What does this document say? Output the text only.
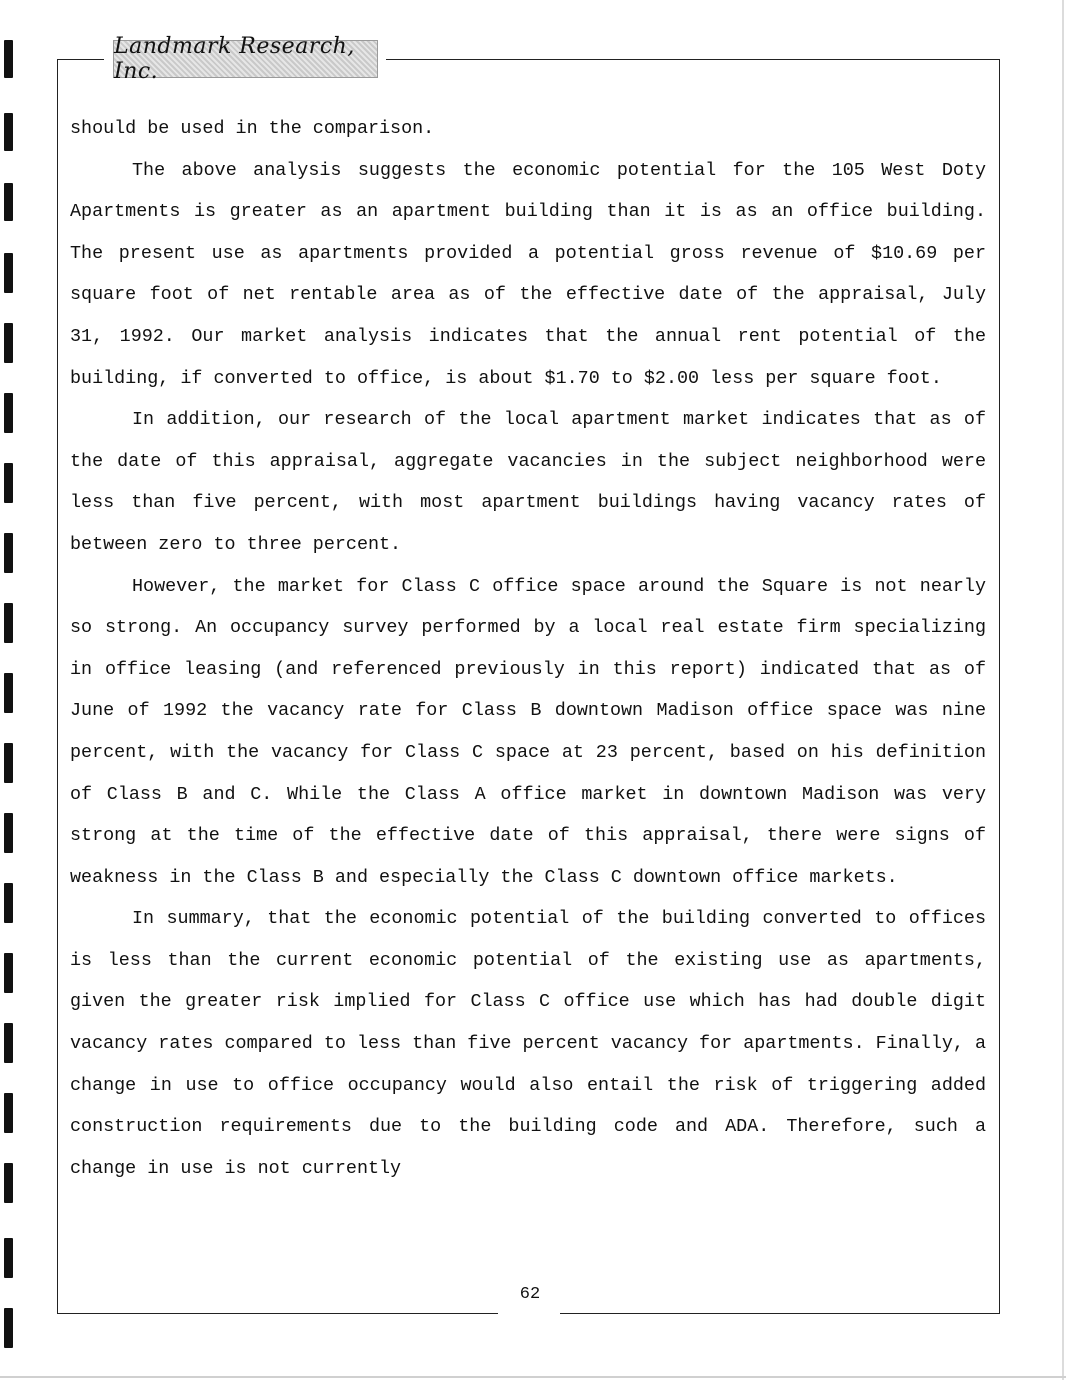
Landmark Research, Inc.

should be used in the comparison.

The above analysis suggests the economic potential for the 105 West Doty Apartments is greater as an apartment building than it is as an office building. The present use as apartments provided a potential gross revenue of $10.69 per square foot of net rentable area as of the effective date of the appraisal, July 31, 1992. Our market analysis indicates that the annual rent potential of the building, if converted to office, is about $1.70 to $2.00 less per square foot.

In addition, our research of the local apartment market indicates that as of the date of this appraisal, aggregate vacancies in the subject neighborhood were less than five percent, with most apartment buildings having vacancy rates of between zero to three percent.

However, the market for Class C office space around the Square is not nearly so strong. An occupancy survey performed by a local real estate firm specializing in office leasing (and referenced previously in this report) indicated that as of June of 1992 the vacancy rate for Class B downtown Madison office space was nine percent, with the vacancy for Class C space at 23 percent, based on his definition of Class B and C. While the Class A office market in downtown Madison was very strong at the time of the effective date of this appraisal, there were signs of weakness in the Class B and especially the Class C downtown office markets.

In summary, that the economic potential of the building converted to offices is less than the current economic potential of the existing use as apartments, given the greater risk implied for Class C office use which has had double digit vacancy rates compared to less than five percent vacancy for apartments. Finally, a change in use to office occupancy would also entail the risk of triggering added construction requirements due to the building code and ADA. Therefore, such a change in use is not currently

62
